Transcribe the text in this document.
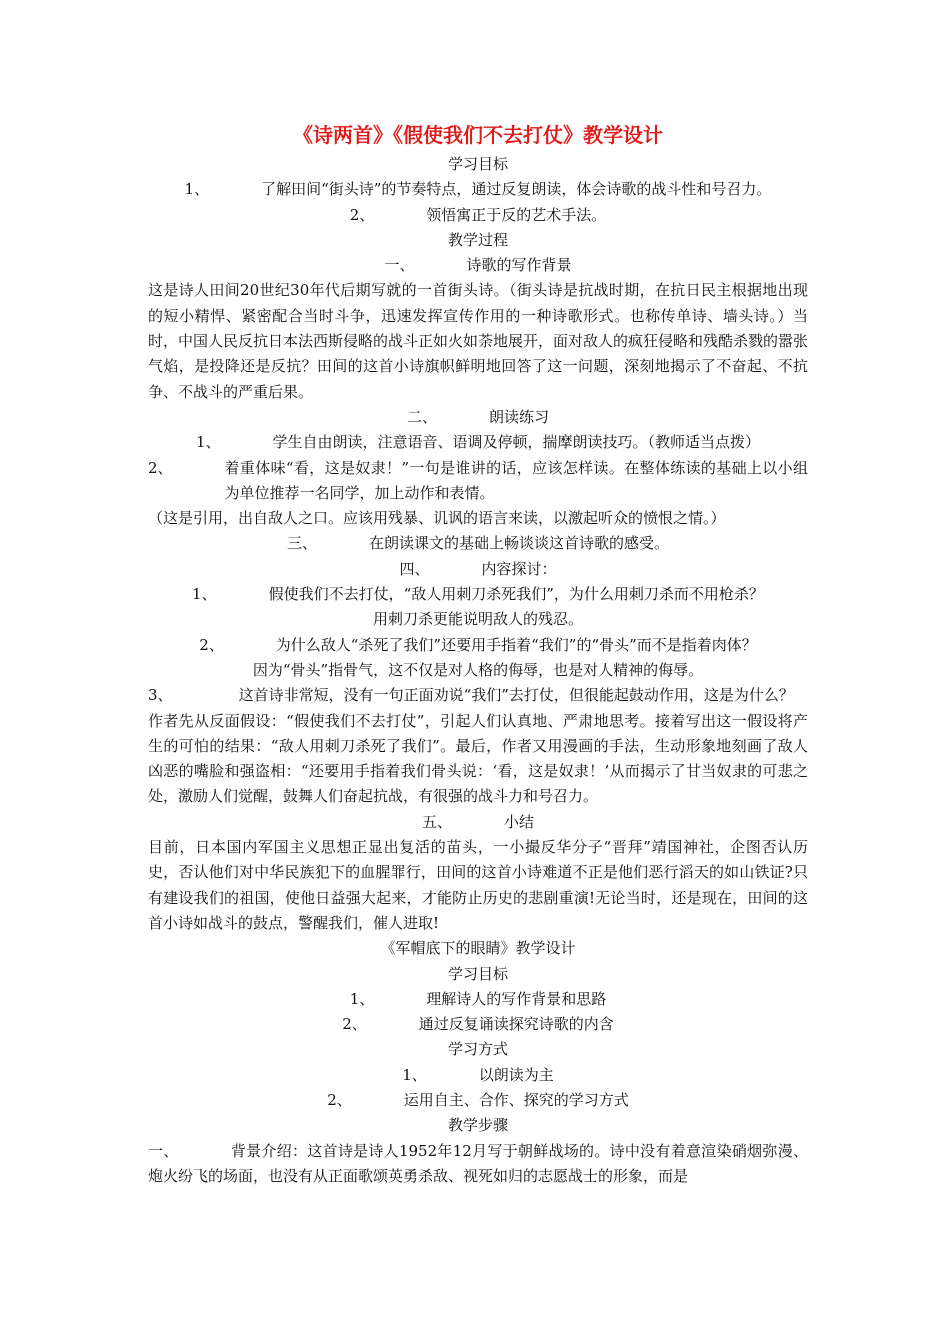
《诗两首》《假使我们不去打仗》教学设计
学习目标
1、	了解田间“街头诗”的节奏特点，通过反复朗读，体会诗歌的战斗性和号召力。
2、	领悟寓正于反的艺术手法。
教学过程
一、	诗歌的写作背景
这是诗人田间20世纪30年代后期写就的一首街头诗。（街头诗是抗战时期，在抗日民主根据地出现的短小精悍、紧密配合当时斗争，迅速发挥宣传作用的一种诗歌形式。也称传单诗、墙头诗。）当时，中国人民反抗日本法西斯侵略的战斗正如火如荼地展开，面对敌人的疯狂侵略和残酷杀戮的嚣张气焰，是投降还是反抗？田间的这首小诗旗帜鲜明地回答了这一问题，深刻地揭示了不奋起、不抗争、不战斗的严重后果。
二、	朗读练习
1、	学生自由朗读，注意语音、语调及停顿，揣摩朗读技巧。（教师适当点拨）
2、	着重体味“看，这是奴隶！”一句是谁讲的话，应该怎样读。在整体练读的基础上以小组为单位推荐一名同学，加上动作和表情。
（这是引用，出自敌人之口。应该用残暴、讥讽的语言来读，以激起听众的愤恨之情。）
三、	在朗读课文的基础上畅谈谈这首诗歌的感受。
四、	内容探讨：
1、	假使我们不去打仗，“敌人用刺刀杀死我们”，为什么用刺刀杀而不用枪杀？
用刺刀杀更能说明敌人的残忍。
2、	为什么敌人“杀死了我们”还要用手指着“我们”的“骨头”而不是指着肉体？
因为“骨头”指骨气，这不仅是对人格的侮辱，也是对人精神的侮辱。
3、	这首诗非常短，没有一句正面劝说“我们”去打仗，但很能起鼓动作用，这是为什么？
作者先从反面假设：“假使我们不去打仗”，引起人们认真地、严肃地思考。接着写出这一假设将产生的可怕的结果：“敌人用刺刀杀死了我们”。最后，作者又用漫画的手法，生动形象地刻画了敌人凶恶的嘴脸和强盗相：“还要用手指着我们骨头说：‘看，这是奴隶！’从而揭示了甘当奴隶的可悲之处，激励人们觉醒，鼓舞人们奋起抗战，有很强的战斗力和号召力。
五、	小结
目前，日本国内军国主义思想正显出复活的苗头，一小撮反华分子“晋拜”靖国神社，企图否认历史，否认他们对中华民族犯下的血腥罪行，田间的这首小诗难道不正是他们恶行滔天的如山铁证?只有建设我们的祖国，使他日益强大起来，才能防止历史的悲剧重演!无论当时，还是现在，田间的这首小诗如战斗的鼓点，警醒我们，催人进取!
《军帽底下的眼睛》教学设计
学习目标
1、	理解诗人的写作背景和思路
2、	通过反复诵读探究诗歌的内含
学习方式
1、	以朗读为主
2、	运用自主、合作、探究的学习方式
教学步骤
一、	背景介绍：这首诗是诗人1952年12月写于朝鲜战场的。诗中没有着意渲染硝烟弥漫、炮火纷飞的场面，也没有从正面歌颂英勇杀敌、视死如归的志愿战士的形象，而是
